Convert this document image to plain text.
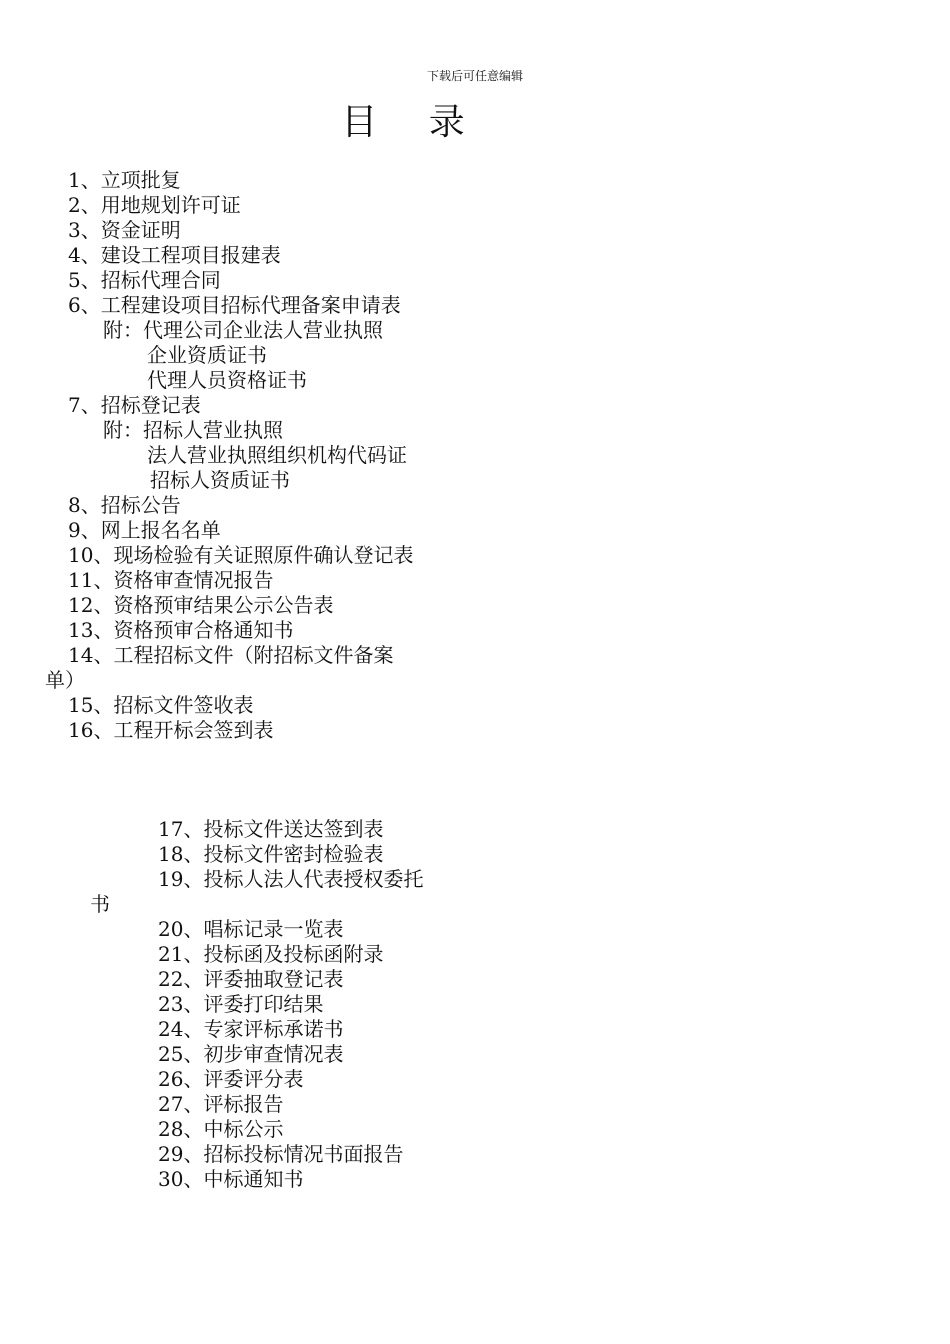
下载后可任意编辑
目 录
1、立项批复
2、用地规划许可证
3、资金证明
4、建设工程项目报建表
5、招标代理合同
6、工程建设项目招标代理备案申请表
附：代理公司企业法人营业执照
企业资质证书
代理人员资格证书
7、招标登记表
附：招标人营业执照
法人营业执照组织机构代码证
招标人资质证书
8、招标公告
9、网上报名名单
10、现场检验有关证照原件确认登记表
11、资格审查情况报告
12、资格预审结果公示公告表
13、资格预审合格通知书
14、工程招标文件（附招标文件备案
单）
15、招标文件签收表
16、工程开标会签到表
17、投标文件送达签到表
18、投标文件密封检验表
19、投标人法人代表授权委托
书
20、唱标记录一览表
21、投标函及投标函附录
22、评委抽取登记表
23、评委打印结果
24、专家评标承诺书
25、初步审查情况表
26、评委评分表
27、评标报告
28、中标公示
29、招标投标情况书面报告
30、中标通知书
